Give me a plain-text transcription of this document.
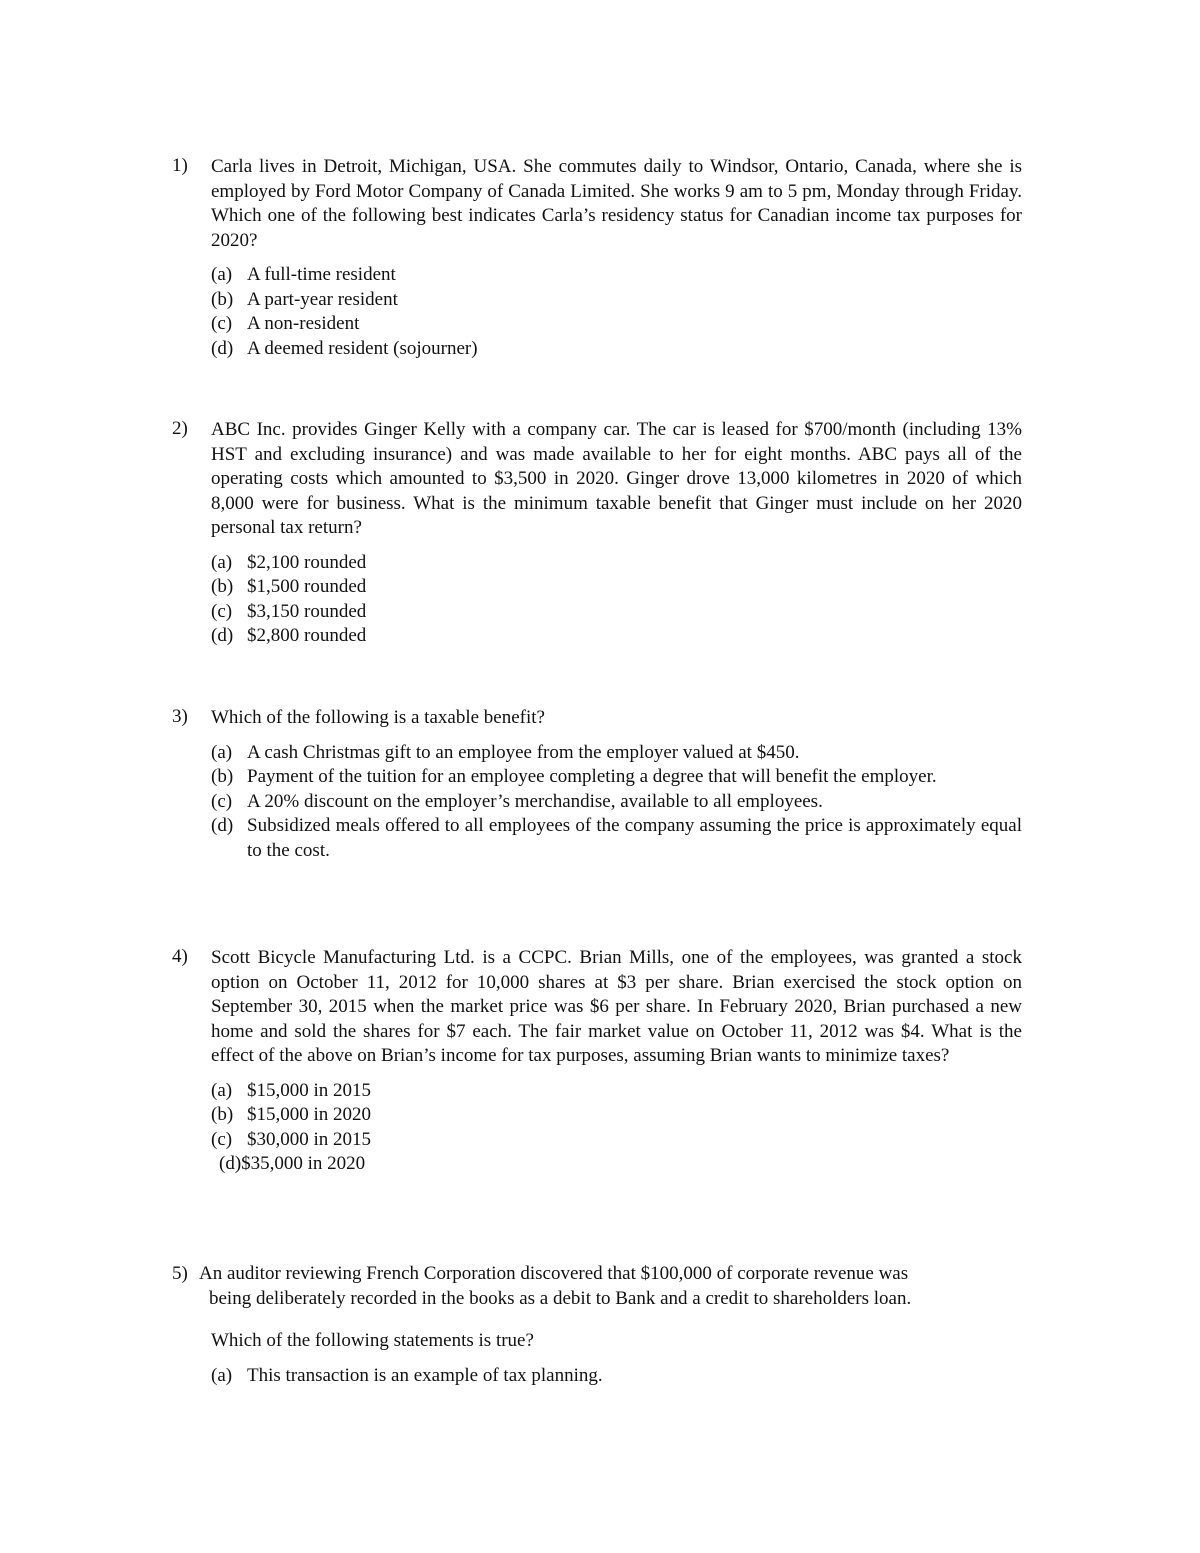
1)	Carla lives in Detroit, Michigan, USA. She commutes daily to Windsor, Ontario, Canada, where she is employed by Ford Motor Company of Canada Limited. She works 9 am to 5 pm, Monday through Friday. Which one of the following best indicates Carla’s residency status for Canadian income tax purposes for 2020?
(a) A full-time resident
(b) A part-year resident
(c) A non-resident
(d) A deemed resident (sojourner)
2)	ABC Inc. provides Ginger Kelly with a company car. The car is leased for $700/month (including 13% HST and excluding insurance) and was made available to her for eight months. ABC pays all of the operating costs which amounted to $3,500 in 2020. Ginger drove 13,000 kilometres in 2020 of which 8,000 were for business. What is the minimum taxable benefit that Ginger must include on her 2020 personal tax return?
(a) $2,100 rounded
(b) $1,500 rounded
(c) $3,150 rounded
(d) $2,800 rounded
3)	Which of the following is a taxable benefit?
(a) A cash Christmas gift to an employee from the employer valued at $450.
(b) Payment of the tuition for an employee completing a degree that will benefit the employer.
(c) A 20% discount on the employer’s merchandise, available to all employees.
(d) Subsidized meals offered to all employees of the company assuming the price is approximately equal to the cost.
4)	Scott Bicycle Manufacturing Ltd. is a CCPC. Brian Mills, one of the employees, was granted a stock option on October 11, 2012 for 10,000 shares at $3 per share. Brian exercised the stock option on September 30, 2015 when the market price was $6 per share. In February 2020, Brian purchased a new home and sold the shares for $7 each. The fair market value on October 11, 2012 was $4. What is the effect of the above on Brian’s income for tax purposes, assuming Brian wants to minimize taxes?
(a) $15,000 in 2015
(b) $15,000 in 2020
(c) $30,000 in 2015
(d)$35,000 in 2020
5) An auditor reviewing French Corporation discovered that $100,000 of corporate revenue was
being deliberately recorded in the books as a debit to Bank and a credit to shareholders loan.
Which of the following statements is true?
(a) This transaction is an example of tax planning.
